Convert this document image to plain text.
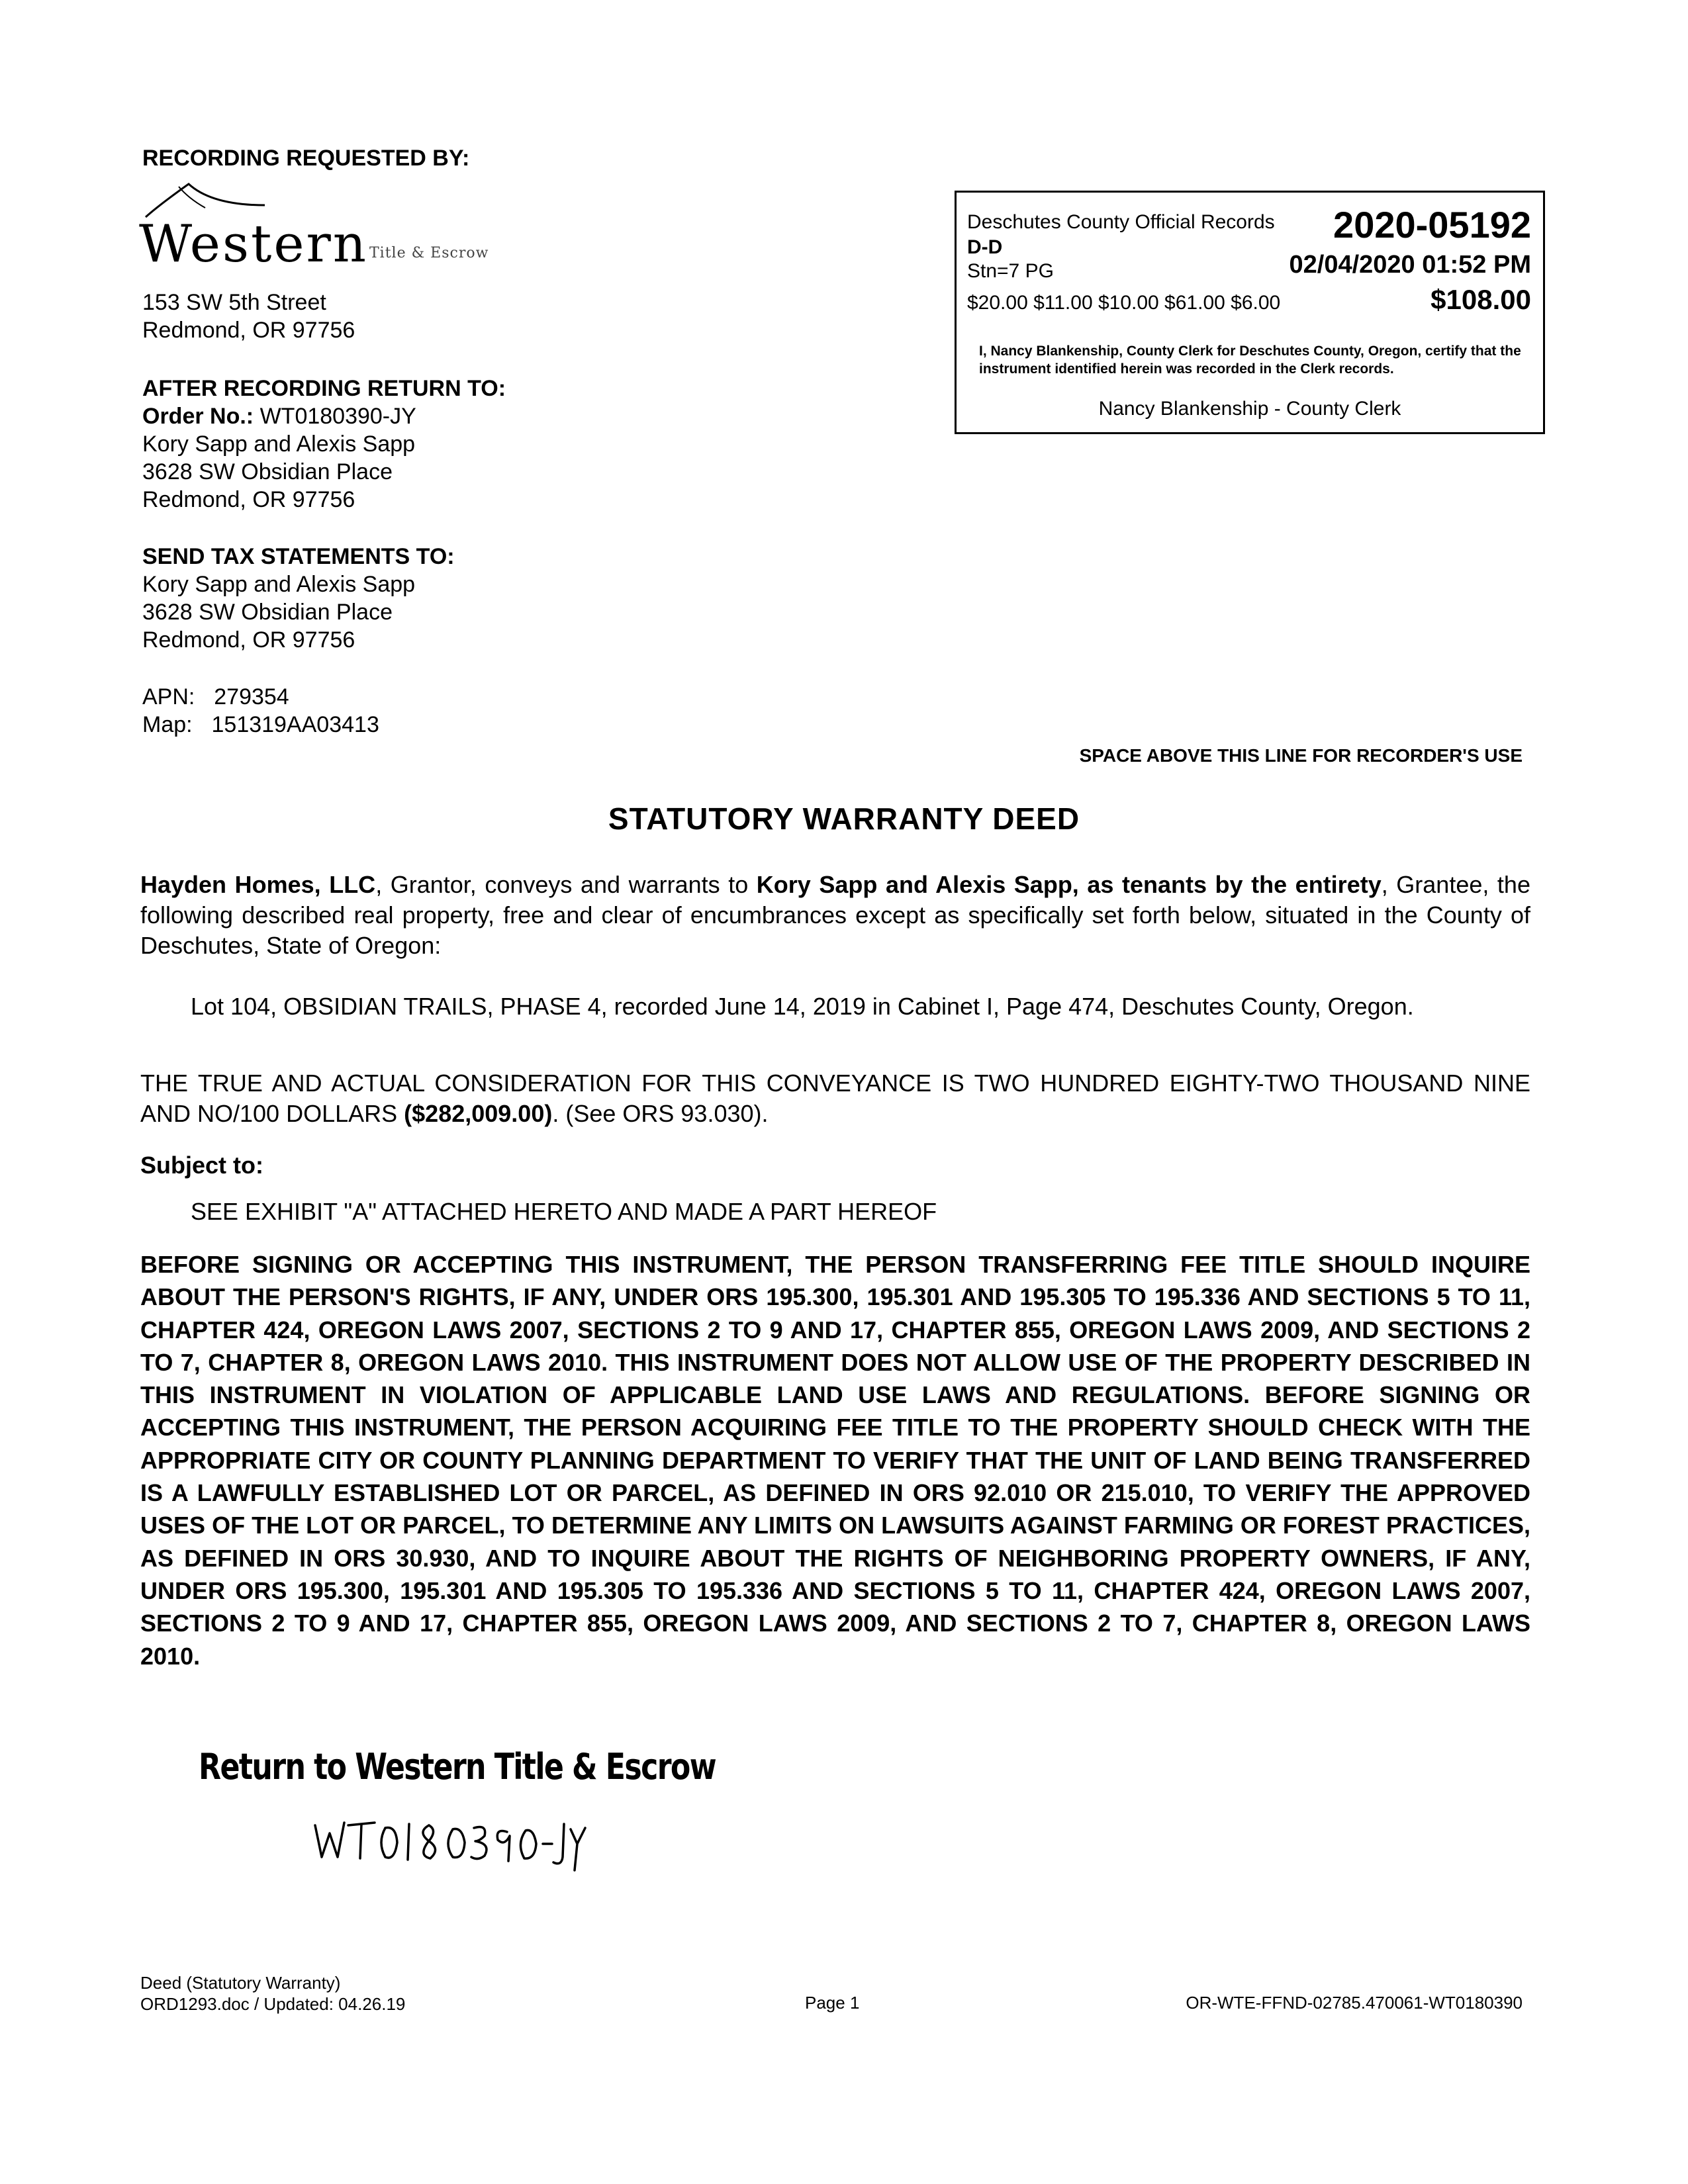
RECORDING REQUESTED BY:
Western Title & Escrow
153 SW 5th Street
Redmond, OR 97756
AFTER RECORDING RETURN TO:
Order No.: WT0180390-JY
Kory Sapp and Alexis Sapp
3628 SW Obsidian Place
Redmond, OR 97756
SEND TAX STATEMENTS TO:
Kory Sapp and Alexis Sapp
3628 SW Obsidian Place
Redmond, OR 97756
APN: 279354
Map: 151319AA03413
Deschutes County Official Records 2020-05192
D-D
Stn=7 PG	02/04/2020 01:52 PM
$20.00 $11.00 $10.00 $61.00 $6.00	$108.00
I, Nancy Blankenship, County Clerk for Deschutes County, Oregon, certify that the instrument identified herein was recorded in the Clerk records.
Nancy Blankenship - County Clerk
SPACE ABOVE THIS LINE FOR RECORDER'S USE
STATUTORY WARRANTY DEED
Hayden Homes, LLC, Grantor, conveys and warrants to Kory Sapp and Alexis Sapp, as tenants by the entirety, Grantee, the following described real property, free and clear of encumbrances except as specifically set forth below, situated in the County of Deschutes, State of Oregon:
Lot 104, OBSIDIAN TRAILS, PHASE 4, recorded June 14, 2019 in Cabinet I, Page 474, Deschutes County, Oregon.
THE TRUE AND ACTUAL CONSIDERATION FOR THIS CONVEYANCE IS TWO HUNDRED EIGHTY-TWO THOUSAND NINE AND NO/100 DOLLARS ($282,009.00). (See ORS 93.030).
Subject to:
SEE EXHIBIT "A" ATTACHED HERETO AND MADE A PART HEREOF
BEFORE SIGNING OR ACCEPTING THIS INSTRUMENT, THE PERSON TRANSFERRING FEE TITLE SHOULD INQUIRE ABOUT THE PERSON'S RIGHTS, IF ANY, UNDER ORS 195.300, 195.301 AND 195.305 TO 195.336 AND SECTIONS 5 TO 11, CHAPTER 424, OREGON LAWS 2007, SECTIONS 2 TO 9 AND 17, CHAPTER 855, OREGON LAWS 2009, AND SECTIONS 2 TO 7, CHAPTER 8, OREGON LAWS 2010. THIS INSTRUMENT DOES NOT ALLOW USE OF THE PROPERTY DESCRIBED IN THIS INSTRUMENT IN VIOLATION OF APPLICABLE LAND USE LAWS AND REGULATIONS. BEFORE SIGNING OR ACCEPTING THIS INSTRUMENT, THE PERSON ACQUIRING FEE TITLE TO THE PROPERTY SHOULD CHECK WITH THE APPROPRIATE CITY OR COUNTY PLANNING DEPARTMENT TO VERIFY THAT THE UNIT OF LAND BEING TRANSFERRED IS A LAWFULLY ESTABLISHED LOT OR PARCEL, AS DEFINED IN ORS 92.010 OR 215.010, TO VERIFY THE APPROVED USES OF THE LOT OR PARCEL, TO DETERMINE ANY LIMITS ON LAWSUITS AGAINST FARMING OR FOREST PRACTICES, AS DEFINED IN ORS 30.930, AND TO INQUIRE ABOUT THE RIGHTS OF NEIGHBORING PROPERTY OWNERS, IF ANY, UNDER ORS 195.300, 195.301 AND 195.305 TO 195.336 AND SECTIONS 5 TO 11, CHAPTER 424, OREGON LAWS 2007, SECTIONS 2 TO 9 AND 17, CHAPTER 855, OREGON LAWS 2009, AND SECTIONS 2 TO 7, CHAPTER 8, OREGON LAWS 2010.
Return to Western Title & Escrow
Deed (Statutory Warranty)
ORD1293.doc / Updated: 04.26.19	Page 1	OR-WTE-FFND-02785.470061-WT0180390
